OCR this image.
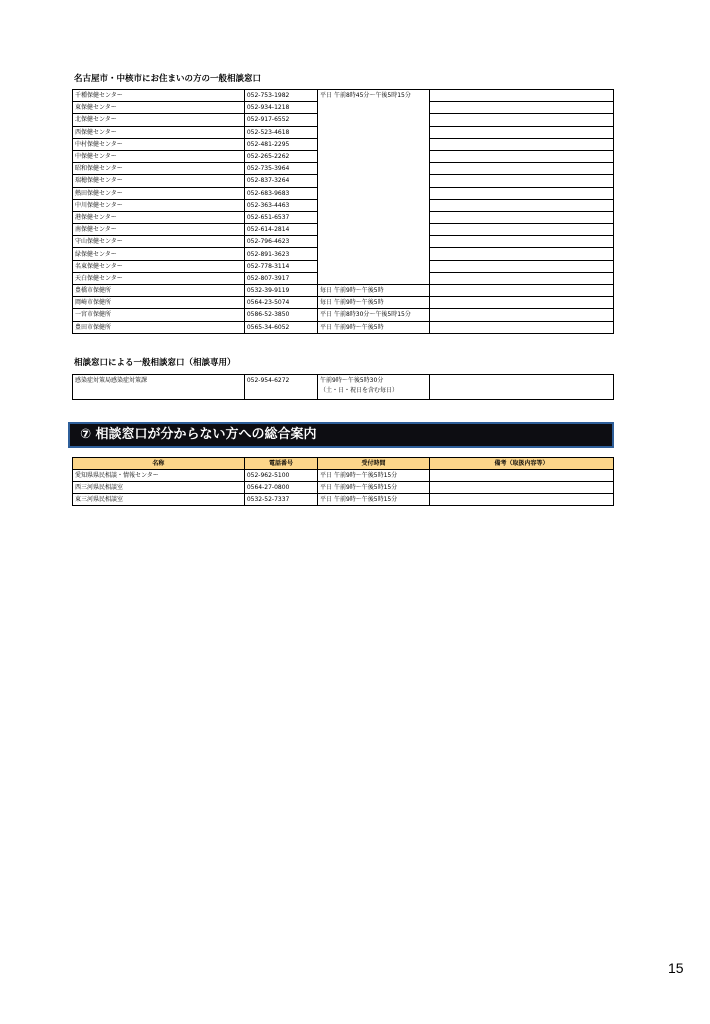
名古屋市・中核市にお住まいの方の一般相談窓口
千種保健センター	052-753-1982	平日 午前8時45分～午後5時15分	
東保健センター	052-934-1218		
北保健センター	052-917-6552		
西保健センター	052-523-4618		
中村保健センター	052-481-2295		
中保健センター	052-265-2262		
昭和保健センター	052-735-3964		
瑞穂保健センター	052-837-3264		
熱田保健センター	052-683-9683		
中川保健センター	052-363-4463		
港保健センター	052-651-6537		
南保健センター	052-614-2814		
守山保健センター	052-796-4623		
緑保健センター	052-891-3623		
名東保健センター	052-778-3114		
天白保健センター	052-807-3917		
豊橋市保健所	0532-39-9119	毎日 午前9時～午後5時	
岡崎市保健所	0564-23-5074	毎日 午前9時～午後5時	
一宮市保健所	0586-52-3850	平日 午前8時30分～午後5時15分	
豊田市保健所	0565-34-6052	平日 午前9時～午後5時	
相談窓口による一般相談窓口（相談専用）
感染症対策局感染症対策課	052-954-6272	午前9時～午後5時30分
（土・日・祝日を含む毎日）

⑦ 相談窓口が分からない方への総合案内
名称	電話番号	受付時間	備考（取扱内容等）
愛知県県民相談・情報センター	052-962-5100	平日 午前9時～午後5時15分	
西三河県民相談室	0564-27-0800	平日 午前9時～午後5時15分	
東三河県民相談室	0532-52-7337	平日 午前9時～午後5時15分	
15
